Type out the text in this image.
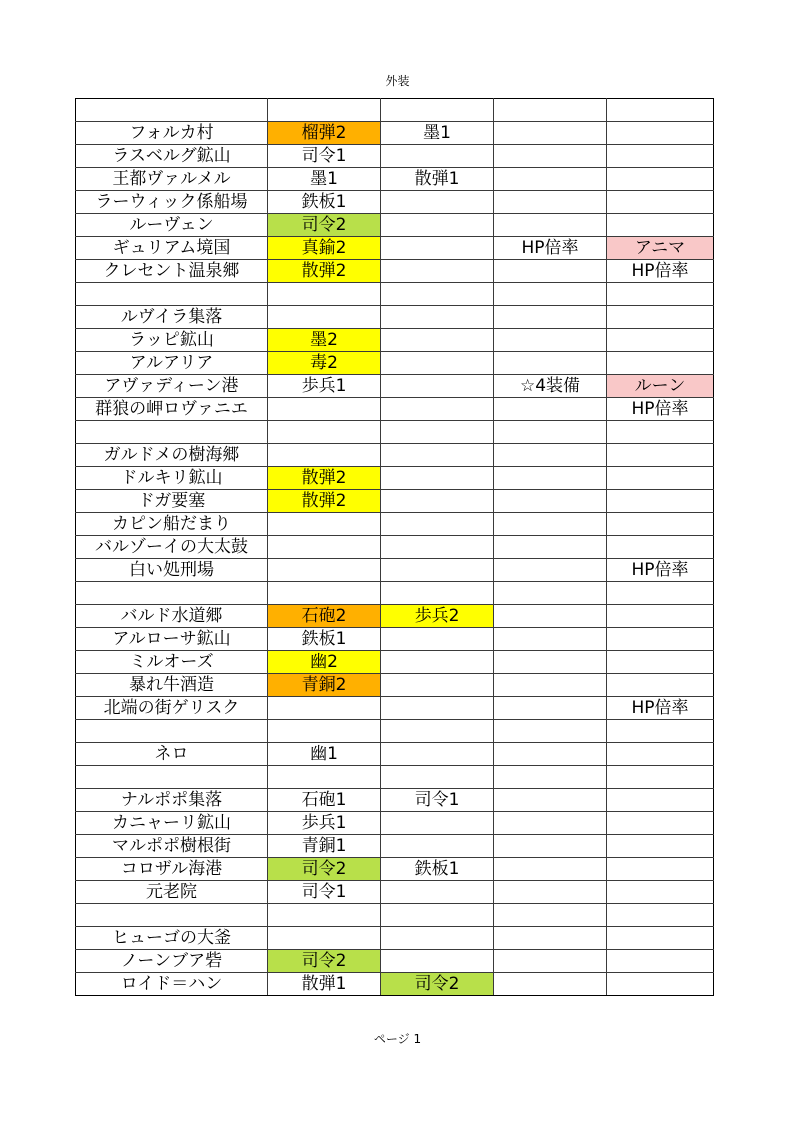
外装

フォルカ村	榴弾2	墨1		
ラスベルグ鉱山	司令1			
王都ヴァルメル	墨1	散弾1		
ラーウィック係船場	鉄板1			
ルーヴェン	司令2			
ギュリアム境国	真鍮2		HP倍率	アニマ
クレセント温泉郷	散弾2			HP倍率

ルヴイラ集落				
ラッピ鉱山	墨2			
アルアリア	毒2			
アヴァディーン港	歩兵1		☆4装備	ルーン
群狼の岬ロヴァニエ				HP倍率

ガルドメの樹海郷				
ドルキリ鉱山	散弾2			
ドガ要塞	散弾2			
カピン船だまり				
バルゾーイの大太鼓				
白い処刑場				HP倍率

バルド水道郷	石砲2	歩兵2		
アルローサ鉱山	鉄板1			
ミルオーズ	幽2			
暴れ牛酒造	青銅2			
北端の街ゲリスク				HP倍率

ネロ	幽1			

ナルポポ集落	石砲1	司令1		
カニャーリ鉱山	歩兵1			
マルポポ樹根街	青銅1			
コロザル海港	司令2	鉄板1		
元老院	司令1			

ヒューゴの大釜				
ノーンブア砦	司令2			
ロイド＝ハン	散弾1	司令2		
ページ 1
